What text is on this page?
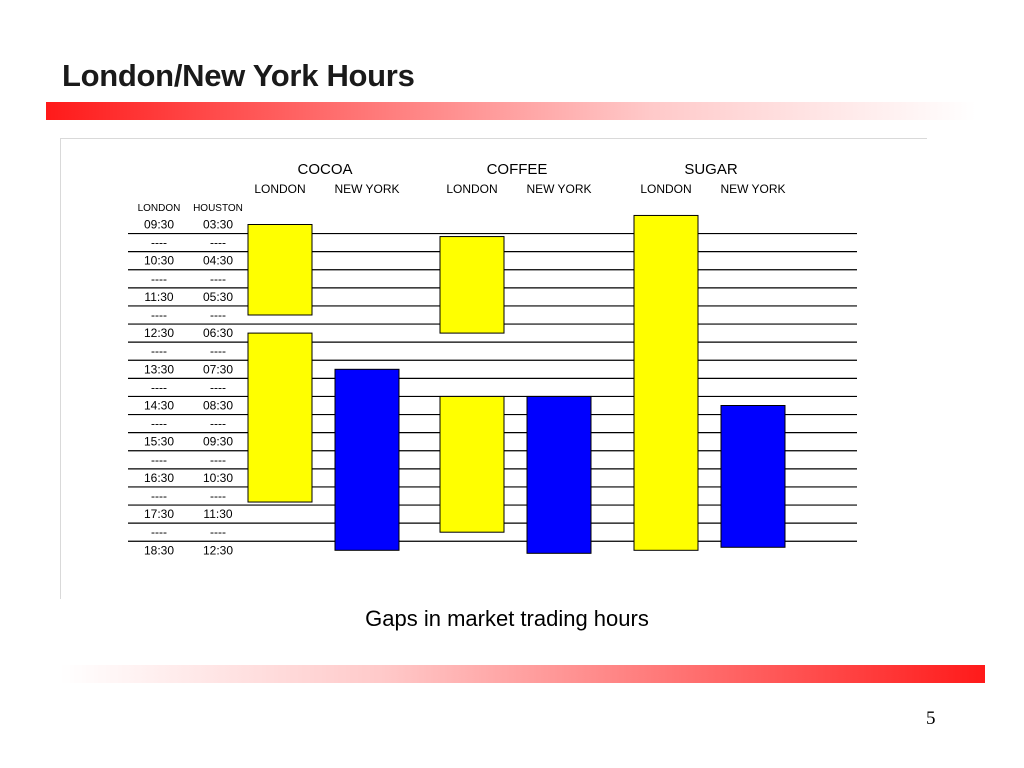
London/New York Hours
LONDON HOUSTON
09:30 03:30
----	----
10:30 04:30
----	----
11:30 05:30
----	----
12:30 06:30
----	----
13:30 07:30
----	----
14:30 08:30
----	----
15:30 09:30
----	----
16:30 10:30
----	----
17:30 11:30
----	----
18:30 12:30
COCOA
LONDON NEW YORK
COFFEE
LONDON NEW YORK
SUGAR
LONDON NEW YORK
Gaps in market trading hours
5
